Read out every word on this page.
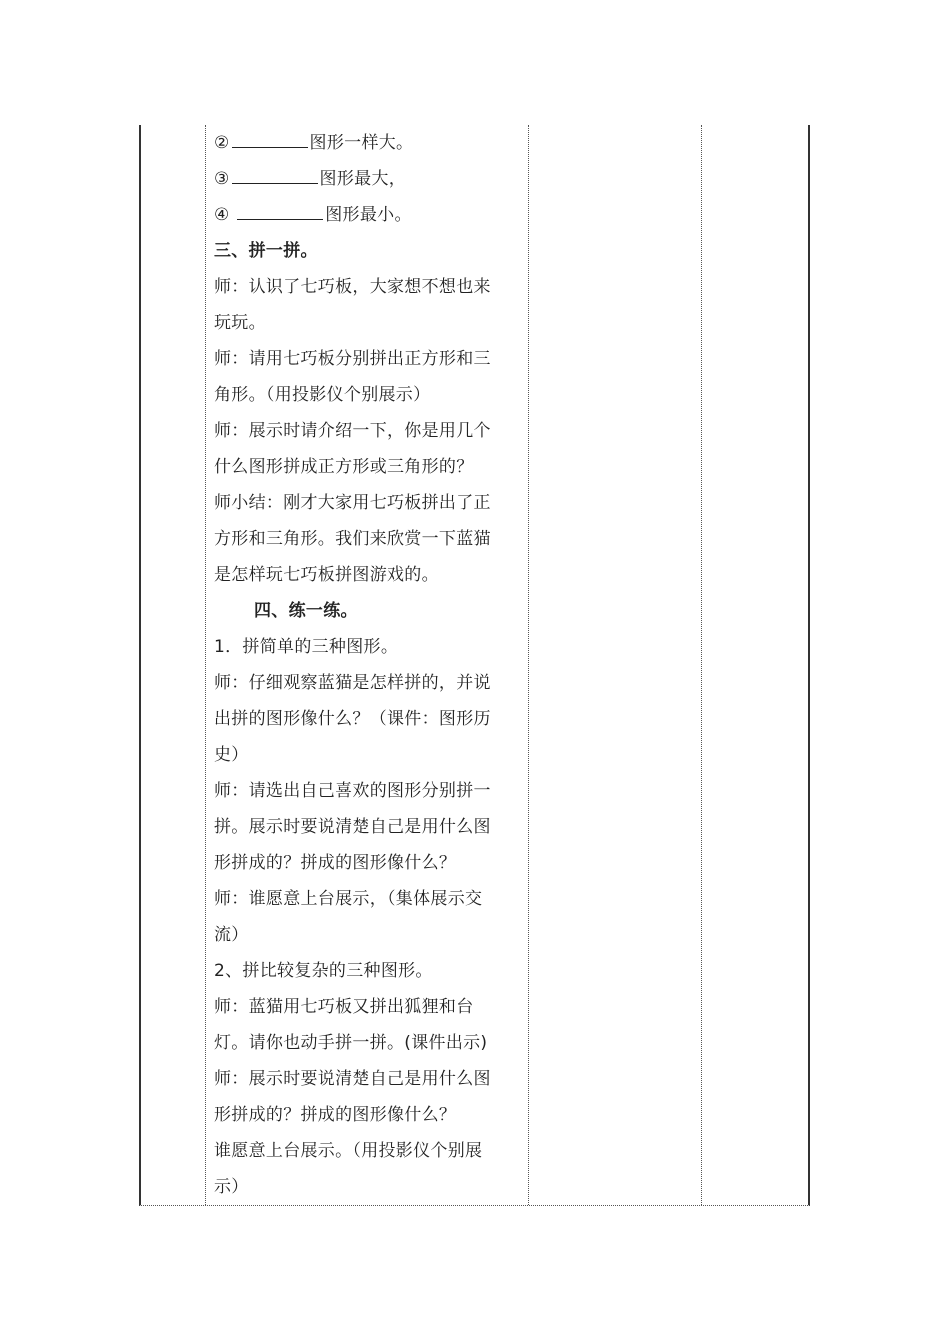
②	图形一样大。
③	图形最大，
④	图形最小。
三、拼一拼。
师：认识了七巧板，大家想不想也来
玩玩。
师：请用七巧板分别拼出正方形和三
角形。（用投影仪个别展示）
师：展示时请介绍一下，你是用几个
什么图形拼成正方形或三角形的？
师小结：刚才大家用七巧板拼出了正
方形和三角形。我们来欣赏一下蓝猫
是怎样玩七巧板拼图游戏的。
四、练一练。
1．拼简单的三种图形。
师：仔细观察蓝猫是怎样拼的，并说
出拼的图形像什么？（课件：图形历
史）
师：请选出自己喜欢的图形分别拼一
拼。展示时要说清楚自己是用什么图
形拼成的？拼成的图形像什么？
师：谁愿意上台展示，（集体展示交
流）
2、拼比较复杂的三种图形。
师：蓝猫用七巧板又拼出狐狸和台
灯。请你也动手拼一拼。(课件出示)
师：展示时要说清楚自己是用什么图
形拼成的？拼成的图形像什么？
谁愿意上台展示。（用投影仪个别展
示）
